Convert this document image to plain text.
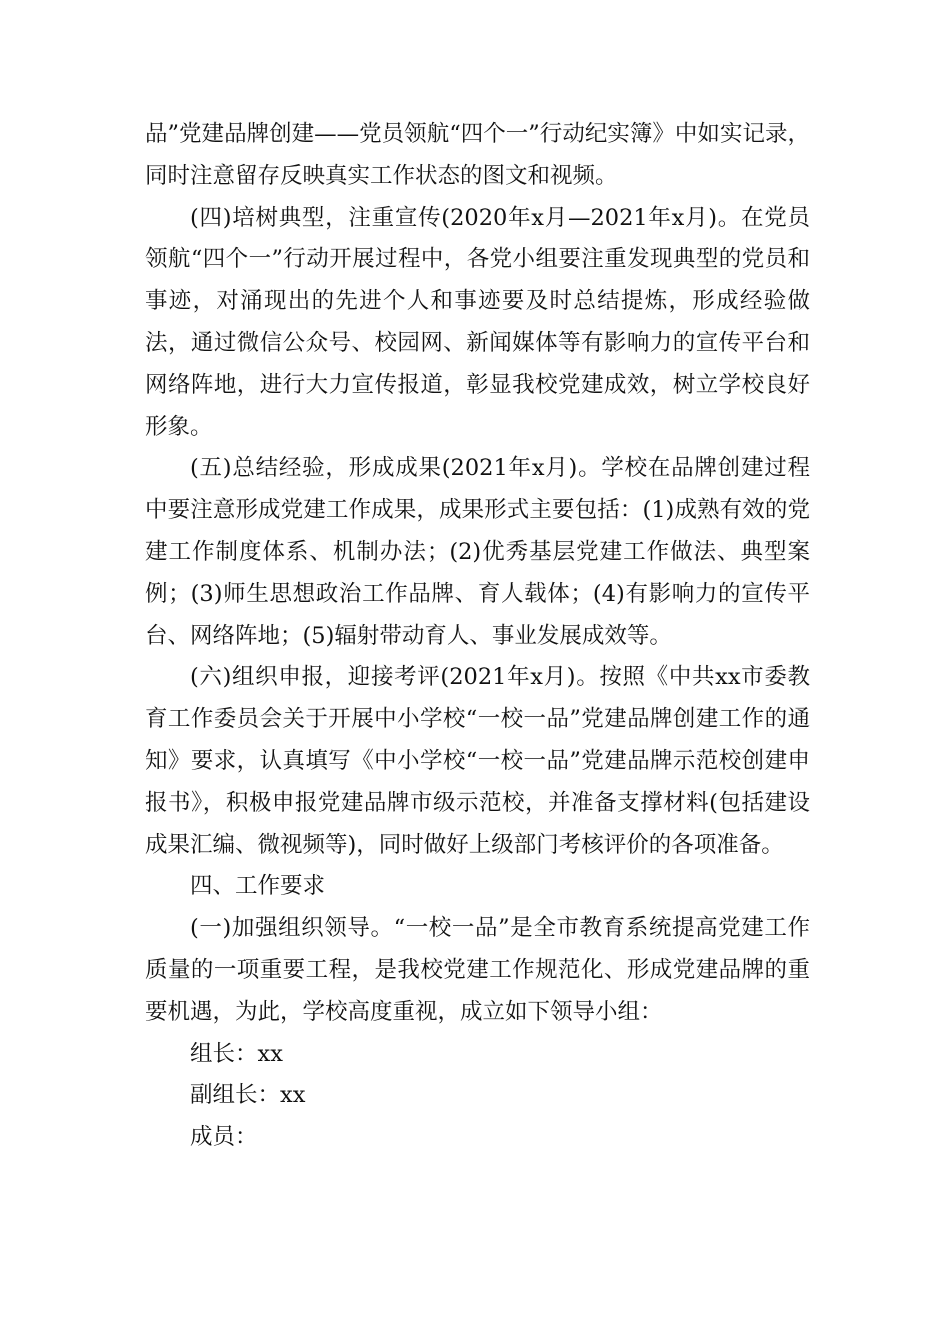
品”党建品牌创建——党员领航“四个一”行动纪实簿》中如实记录，同时注意留存反映真实工作状态的图文和视频。

(四)培树典型，注重宣传(2020年x月—2021年x月)。在党员领航“四个一”行动开展过程中，各党小组要注重发现典型的党员和事迹，对涌现出的先进个人和事迹要及时总结提炼，形成经验做法，通过微信公众号、校园网、新闻媒体等有影响力的宣传平台和网络阵地，进行大力宣传报道，彰显我校党建成效，树立学校良好形象。

(五)总结经验，形成成果(2021年x月)。学校在品牌创建过程中要注意形成党建工作成果，成果形式主要包括：(1)成熟有效的党建工作制度体系、机制办法；(2)优秀基层党建工作做法、典型案例；(3)师生思想政治工作品牌、育人载体；(4)有影响力的宣传平台、网络阵地；(5)辐射带动育人、事业发展成效等。

(六)组织申报，迎接考评(2021年x月)。按照《中共xx市委教育工作委员会关于开展中小学校“一校一品”党建品牌创建工作的通知》要求，认真填写《中小学校“一校一品”党建品牌示范校创建申报书》，积极申报党建品牌市级示范校，并准备支撑材料(包括建设成果汇编、微视频等)，同时做好上级部门考核评价的各项准备。

四、工作要求

(一)加强组织领导。“一校一品”是全市教育系统提高党建工作质量的一项重要工程，是我校党建工作规范化、形成党建品牌的重要机遇，为此，学校高度重视，成立如下领导小组：

组长：xx

副组长：xx

成员：
